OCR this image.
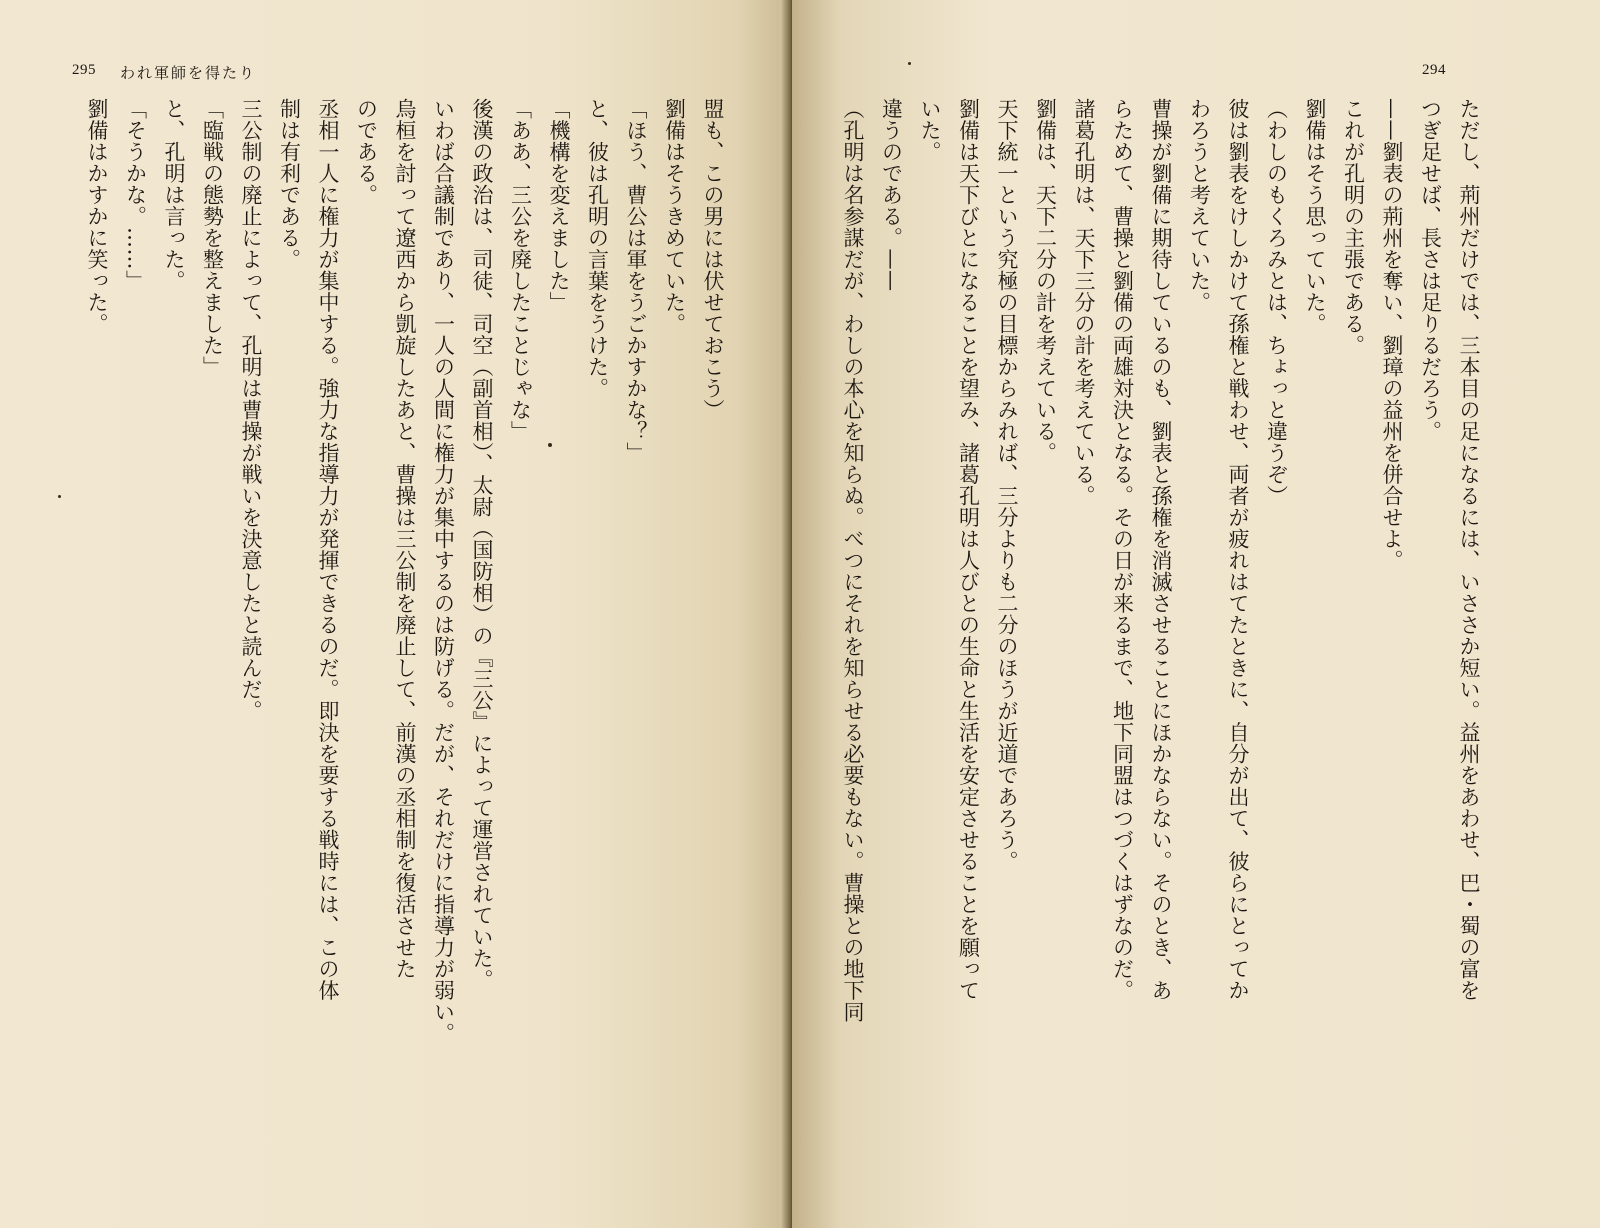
295 われ軍師を得たり
盟も、この男には伏せておこう）
劉備はそうきめていた。
「ほう、曹公は軍をうごかすかな？」
と、彼は孔明の言葉をうけた。
「機構を変えました」
「ああ、三公を廃したことじゃな」
後漢の政治は、司徒、司空（副首相）、太尉（国防相）の『三公』によって運営されていた。
いわば合議制であり、一人の人間に権力が集中するのは防げる。だが、それだけに指導力が弱い。
烏桓を討って遼西から凱旋したあと、曹操は三公制を廃止して、前漢の丞相制を復活させた
のである。
丞相一人に権力が集中する。強力な指導力が発揮できるのだ。即決を要する戦時には、この体
制は有利である。
三公制の廃止によって、孔明は曹操が戦いを決意したと読んだ。
「臨戦の態勢を整えました」
と、孔明は言った。
「そうかな。……」
劉備はかすかに笑った。
294
ただし、荊州だけでは、三本目の足になるには、いささか短い。益州をあわせ、巴・蜀の富を
つぎ足せば、長さは足りるだろう。
——劉表の荊州を奪い、劉璋の益州を併合せよ。
これが孔明の主張である。
劉備はそう思っていた。
（わしのもくろみとは、ちょっと違うぞ）
彼は劉表をけしかけて孫権と戦わせ、両者が疲れはてたときに、自分が出て、彼らにとってか
わろうと考えていた。
曹操が劉備に期待しているのも、劉表と孫権を消滅させることにほかならない。そのとき、あ
らためて、曹操と劉備の両雄対決となる。その日が来るまで、地下同盟はつづくはずなのだ。
諸葛孔明は、天下三分の計を考えている。
劉備は、天下二分の計を考えている。
天下統一という究極の目標からみれば、三分よりも二分のほうが近道であろう。
劉備は天下びとになることを望み、諸葛孔明は人びとの生命と生活を安定させることを願って
いた。
違うのである。——
（孔明は名参謀だが、わしの本心を知らぬ。べつにそれを知らせる必要もない。曹操との地下同
